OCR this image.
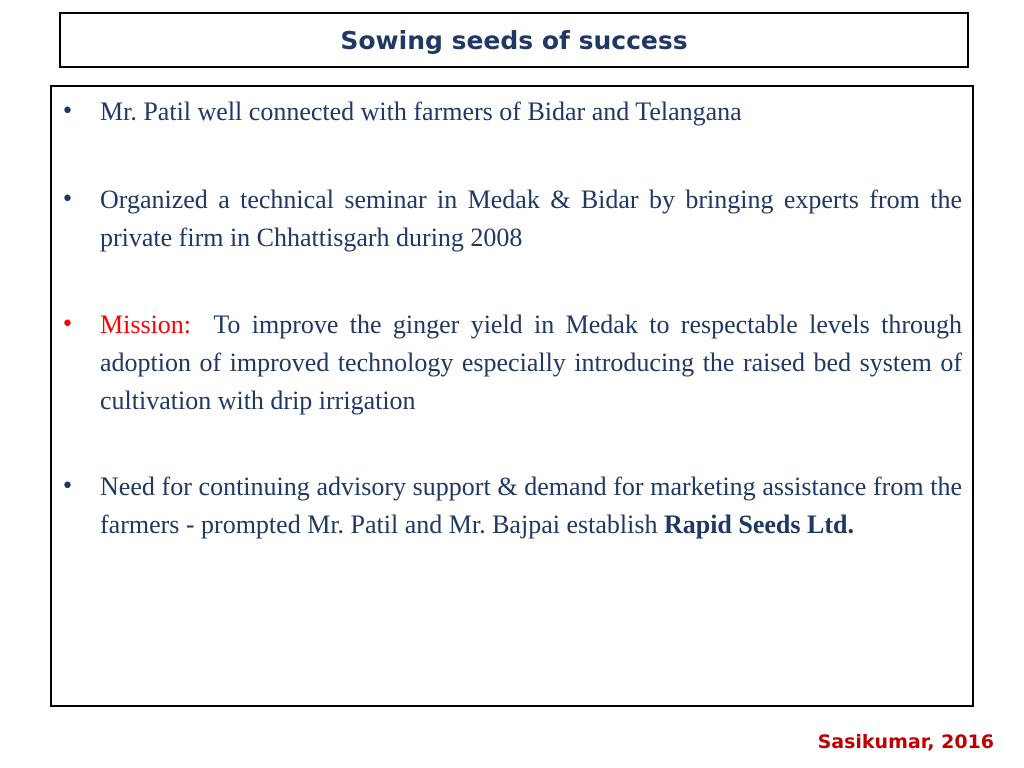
Sowing seeds of success
• Mr. Patil well connected with farmers of Bidar and Telangana
• Organized a technical seminar in Medak & Bidar by bringing experts from the private firm in Chhattisgarh during 2008
• Mission: To improve the ginger yield in Medak to respectable levels through adoption of improved technology especially introducing the raised bed system of cultivation with drip irrigation
• Need for continuing advisory support & demand for marketing assistance from the farmers - prompted Mr. Patil and Mr. Bajpai establish Rapid Seeds Ltd.
Sasikumar, 2016
